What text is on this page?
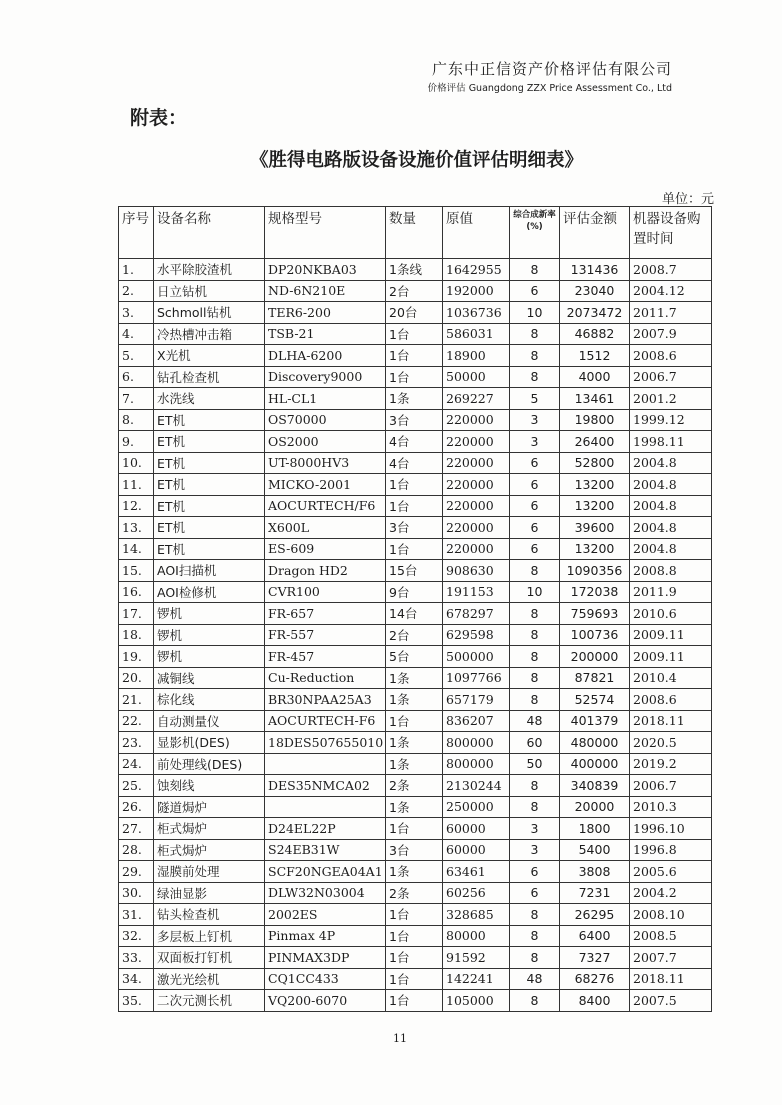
广东中正信资产价格评估有限公司
价格评估 Guangdong ZZX Price Assessment Co., Ltd
附表：
《胜得电路版设备设施价值评估明细表》
单位：元
序号	设备名称	规格型号	数量	原值	综合成新率(%)	评估金额	机器设备购置时间
1.	水平除胶渣机	DP20NKBA03	1条线	1642955	8	131436	2008.7
2.	日立钻机	ND-6N210E	2台	192000	6	23040	2004.12
3.	Schmoll钻机	TER6-200	20台	1036736	10	2073472	2011.7
4.	冷热槽冲击箱	TSB-21	1台	586031	8	46882	2007.9
5.	X光机	DLHA-6200	1台	18900	8	1512	2008.6
6.	钻孔检查机	Discovery9000	1台	50000	8	4000	2006.7
7.	水洗线	HL-CL1	1条	269227	5	13461	2001.2
8.	ET机	OS70000	3台	220000	3	19800	1999.12
9.	ET机	OS2000	4台	220000	3	26400	1998.11
10.	ET机	UT-8000HV3	4台	220000	6	52800	2004.8
11.	ET机	MICKO-2001	1台	220000	6	13200	2004.8
12.	ET机	AOCURTECH/F6	1台	220000	6	13200	2004.8
13.	ET机	X600L	3台	220000	6	39600	2004.8
14.	ET机	ES-609	1台	220000	6	13200	2004.8
15.	AOI扫描机	Dragon HD2	15台	908630	8	1090356	2008.8
16.	AOI检修机	CVR100	9台	191153	10	172038	2011.9
17.	锣机	FR-657	14台	678297	8	759693	2010.6
18.	锣机	FR-557	2台	629598	8	100736	2009.11
19.	锣机	FR-457	5台	500000	8	200000	2009.11
20.	减铜线	Cu-Reduction	1条	1097766	8	87821	2010.4
21.	棕化线	BR30NPAA25A3	1条	657179	8	52574	2008.6
22.	自动测量仪	AOCURTECH-F6	1台	836207	48	401379	2018.11
23.	显影机(DES)	18DES507655010	1条	800000	60	480000	2020.5
24.	前处理线(DES)		1条	800000	50	400000	2019.2
25.	蚀刻线	DES35NMCA02	2条	2130244	8	340839	2006.7
26.	隧道焗炉		1条	250000	8	20000	2010.3
27.	柜式焗炉	D24EL22P	1台	60000	3	1800	1996.10
28.	柜式焗炉	S24EB31W	3台	60000	3	5400	1996.8
29.	湿膜前处理	SCF20NGEA04A1	1条	63461	6	3808	2005.6
30.	绿油显影	DLW32N03004	2条	60256	6	7231	2004.2
31.	钻头检查机	2002ES	1台	328685	8	26295	2008.10
32.	多层板上钉机	Pinmax 4P	1台	80000	8	6400	2008.5
33.	双面板打钉机	PINMAX3DP	1台	91592	8	7327	2007.7
34.	激光光绘机	CQ1CC433	1台	142241	48	68276	2018.11
35.	二次元测长机	VQ200-6070	1台	105000	8	8400	2007.5
11
